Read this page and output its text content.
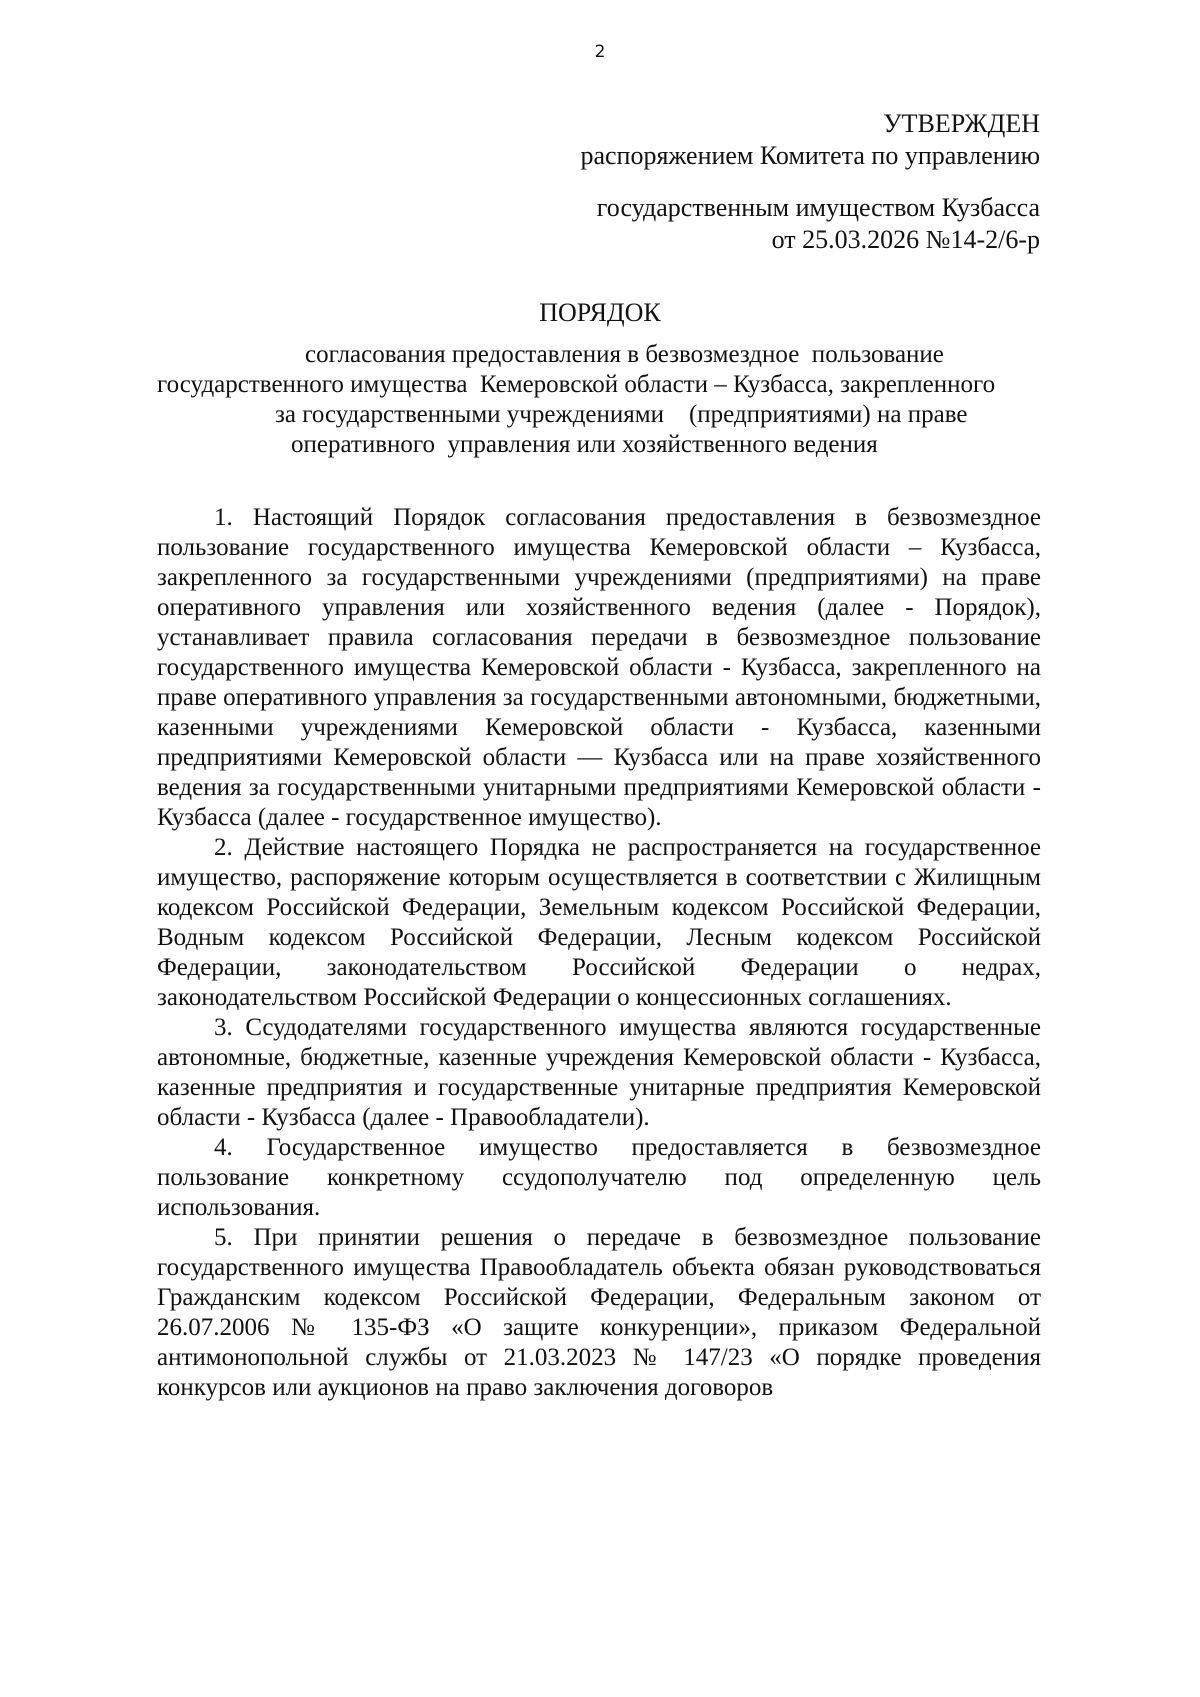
2
УТВЕРЖДЕН
распоряжением Комитета по управлению
государственным имуществом Кузбасса
от 25.03.2026 №14-2/6-р
ПОРЯДОК
согласования предоставления в безвозмездное  пользование
государственного имущества  Кемеровской области – Кузбасса, закрепленного
за государственными учреждениями    (предприятиями) на праве
оперативного  управления или хозяйственного ведения

1. Настоящий Порядок согласования предоставления в безвозмездное пользование государственного имущества Кемеровской области – Кузбасса, закрепленного за государственными учреждениями (предприятиями) на праве оперативного управления или хозяйственного ведения (далее - Порядок), устанавливает правила согласования передачи в безвозмездное пользование государственного имущества Кемеровской области - Кузбасса, закрепленного на праве оперативного управления за государственными автономными, бюджетными, казенными учреждениями Кемеровской области - Кузбасса, казенными предприятиями Кемеровской области — Кузбасса или на праве хозяйственного ведения за государственными унитарными предприятиями Кемеровской области - Кузбасса (далее - государственное имущество).

2. Действие настоящего Порядка не распространяется на государственное имущество, распоряжение которым осуществляется в соответствии с Жилищным кодексом Российской Федерации, Земельным кодексом Российской Федерации, Водным кодексом Российской Федерации, Лесным кодексом Российской Федерации, законодательством Российской Федерации о недрах, законодательством Российской Федерации о концессионных соглашениях.

3. Ссудодателями государственного имущества являются государственные автономные, бюджетные, казенные учреждения Кемеровской области - Кузбасса, казенные предприятия и государственные унитарные предприятия Кемеровской области - Кузбасса (далее - Правообладатели).

4. Государственное имущество предоставляется в безвозмездное пользование конкретному ссудополучателю под определенную цель использования.

5. При принятии решения о передаче в безвозмездное пользование государственного имущества Правообладатель объекта обязан руководствоваться Гражданским кодексом Российской Федерации, Федеральным законом от 26.07.2006 № 135-ФЗ «О защите конкуренции», приказом Федеральной антимонопольной службы от 21.03.2023 № 147/23 «О порядке проведения конкурсов или аукционов на право заключения договоров
